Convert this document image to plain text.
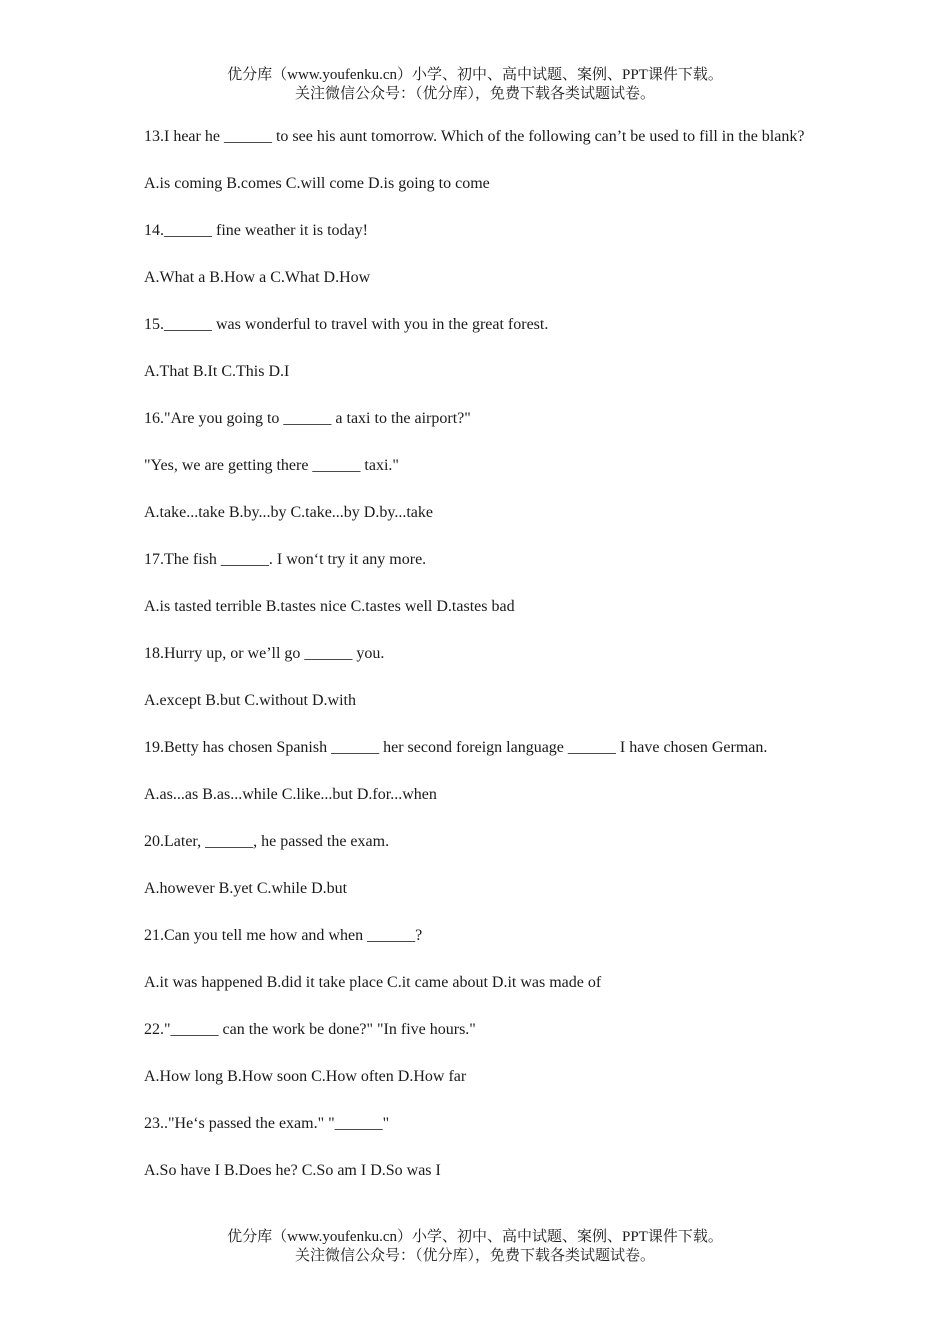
优分库（www.youfenku.cn）小学、初中、高中试题、案例、PPT课件下载。
关注微信公众号：（优分库），免费下载各类试题试卷。

13.I hear he ______ to see his aunt tomorrow. Which of the following can’t be used to fill in the blank?

A.is coming B.comes C.will come D.is going to come

14.______ fine weather it is today!

A.What a B.How a C.What D.How

15.______ was wonderful to travel with you in the great forest.

A.That B.It C.This D.I

16."Are you going to ______ a taxi to the airport?"

"Yes, we are getting there ______ taxi."

A.take...take B.by...by C.take...by D.by...take

17.The fish ______. I won‘t try it any more.

A.is tasted terrible B.tastes nice C.tastes well D.tastes bad

18.Hurry up, or we’ll go ______ you.

A.except B.but C.without D.with

19.Betty has chosen Spanish ______ her second foreign language ______ I have chosen German.

A.as...as B.as...while C.like...but D.for...when

20.Later, ______, he passed the exam.

A.however B.yet C.while D.but

21.Can you tell me how and when ______?

A.it was happened B.did it take place C.it came about D.it was made of

22."______ can the work be done?" "In five hours."

A.How long B.How soon C.How often D.How far

23.."He‘s passed the exam." "______"

A.So have I B.Does he? C.So am I D.So was I

优分库（www.youfenku.cn）小学、初中、高中试题、案例、PPT课件下载。
关注微信公众号：（优分库），免费下载各类试题试卷。
